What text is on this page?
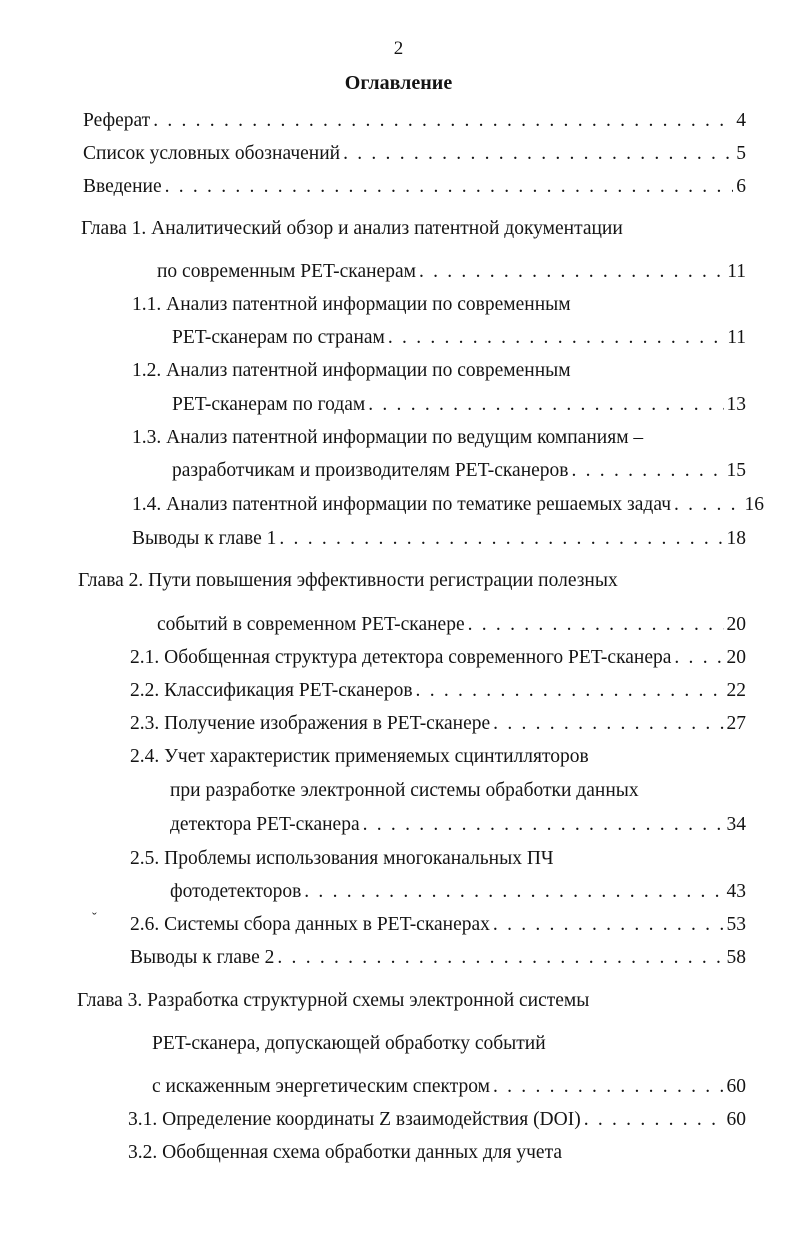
2
Оглавление
Реферат . . .	4
Список условных обозначений . . .	5
Введение . . .	6
Глава 1. Аналитический обзор и анализ патентной документации
по современным PET-сканерам . . .	11
1.1. Анализ патентной информации по современным
PET-сканерам по странам . . .	11
1.2. Анализ патентной информации по современным
PET-сканерам по годам . . .	13
1.3. Анализ патентной информации по ведущим компаниям –
разработчикам и производителям PET-сканеров . . .	15
1.4. Анализ патентной информации по тематике решаемых задач . . .	16
Выводы к главе 1 . . .	18
Глава 2. Пути повышения эффективности регистрации полезных
событий в современном PET-сканере . . .	20
2.1. Обобщенная структура детектора современного PET-сканера . . .	20
2.2. Классификация PET-сканеров . . .	22
2.3. Получение изображения в PET-сканере . . .	27
2.4. Учет характеристик применяемых сцинтилляторов
при разработке электронной системы обработки данных
детектора PET-сканера . . .	34
2.5. Проблемы использования многоканальных ПЧ
фотодетекторов . . .	43
2.6. Системы сбора данных в PET-сканерах . . .	53
Выводы к главе 2 . . .	58
Глава 3. Разработка структурной схемы электронной системы
PET-сканера, допускающей обработку событий
с искаженным энергетическим спектром . . .	60
3.1. Определение координаты Z взаимодействия (DOI) . . .	60
3.2. Обобщенная схема обработки данных для учета
ˇ
